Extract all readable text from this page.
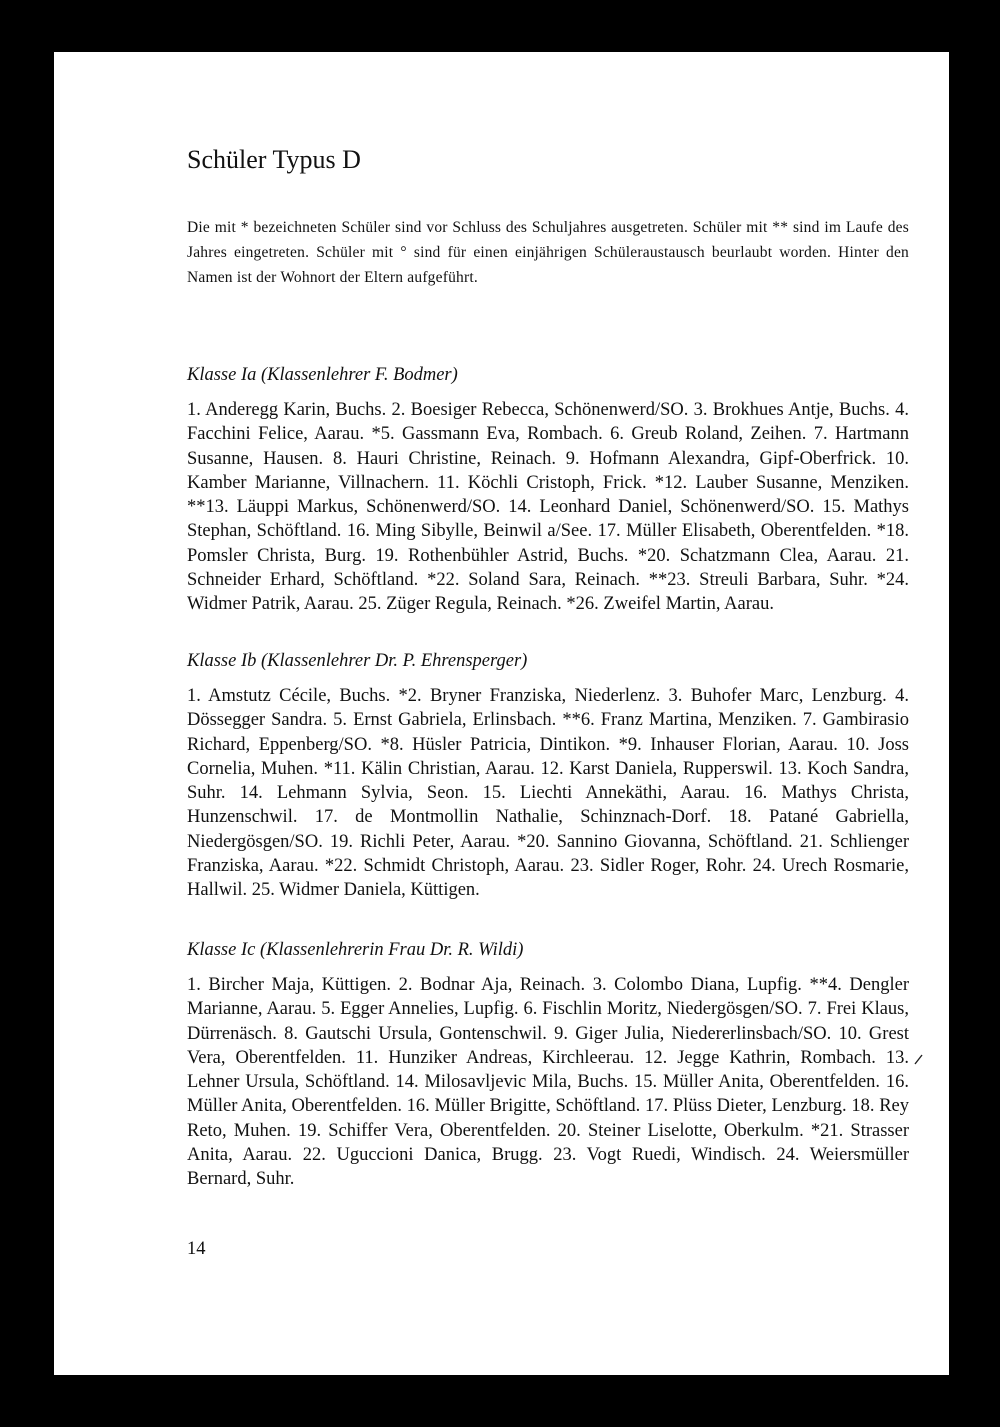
Schüler Typus D

Die mit * bezeichneten Schüler sind vor Schluss des Schuljahres ausgetreten. Schüler mit ** sind im Laufe des Jahres eingetreten. Schüler mit ° sind für einen einjährigen Schüleraustausch beurlaubt worden. Hinter den Namen ist der Wohnort der Eltern aufgeführt.

Klasse Ia (Klassenlehrer F. Bodmer)

1. Anderegg Karin, Buchs. 2. Boesiger Rebecca, Schönenwerd/SO. 3. Brokhues Antje, Buchs. 4. Facchini Felice, Aarau. *5. Gassmann Eva, Rombach. 6. Greub Roland, Zeihen. 7. Hartmann Susanne, Hausen. 8. Hauri Christine, Reinach. 9. Hofmann Alexandra, Gipf-Oberfrick. 10. Kamber Marianne, Villnachern. 11. Köchli Cristoph, Frick. *12. Lauber Susanne, Menziken. **13. Läuppi Markus, Schönenwerd/SO. 14. Leonhard Daniel, Schönenwerd/SO. 15. Mathys Stephan, Schöftland. 16. Ming Sibylle, Beinwil a/See. 17. Müller Elisabeth, Oberentfelden. *18. Pomsler Christa, Burg. 19. Rothenbühler Astrid, Buchs. *20. Schatzmann Clea, Aarau. 21. Schneider Erhard, Schöftland. *22. Soland Sara, Reinach. **23. Streuli Barbara, Suhr. *24. Widmer Patrik, Aarau. 25. Züger Regula, Reinach. *26. Zweifel Martin, Aarau.

Klasse Ib (Klassenlehrer Dr. P. Ehrensperger)

1. Amstutz Cécile, Buchs. *2. Bryner Franziska, Niederlenz. 3. Buhofer Marc, Lenzburg. 4. Dössegger Sandra. 5. Ernst Gabriela, Erlinsbach. **6. Franz Martina, Menziken. 7. Gambirasio Richard, Eppenberg/SO. *8. Hüsler Patricia, Dintikon. *9. Inhauser Florian, Aarau. 10. Joss Cornelia, Muhen. *11. Kälin Christian, Aarau. 12. Karst Daniela, Rupperswil. 13. Koch Sandra, Suhr. 14. Lehmann Sylvia, Seon. 15. Liechti Annekäthi, Aarau. 16. Mathys Christa, Hunzenschwil. 17. de Montmollin Nathalie, Schinznach-Dorf. 18. Patané Gabriella, Niedergösgen/SO. 19. Richli Peter, Aarau. *20. Sannino Giovanna, Schöftland. 21. Schlienger Franziska, Aarau. *22. Schmidt Christoph, Aarau. 23. Sidler Roger, Rohr. 24. Urech Rosmarie, Hallwil. 25. Widmer Daniela, Küttigen.

Klasse Ic (Klassenlehrerin Frau Dr. R. Wildi)

1. Bircher Maja, Küttigen. 2. Bodnar Aja, Reinach. 3. Colombo Diana, Lupfig. **4. Dengler Marianne, Aarau. 5. Egger Annelies, Lupfig. 6. Fischlin Moritz, Niedergösgen/SO. 7. Frei Klaus, Dürrenäsch. 8. Gautschi Ursula, Gontenschwil. 9. Giger Julia, Niedererlinsbach/SO. 10. Grest Vera, Oberentfelden. 11. Hunziker Andreas, Kirchleerau. 12. Jegge Kathrin, Rombach. 13. Lehner Ursula, Schöftland. 14. Milosavljevic Mila, Buchs. 15. Müller Anita, Oberentfelden. 16. Müller Anita, Oberentfelden. 16. Müller Brigitte, Schöftland. 17. Plüss Dieter, Lenzburg. 18. Rey Reto, Muhen. 19. Schiffer Vera, Oberentfelden. 20. Steiner Liselotte, Oberkulm. *21. Strasser Anita, Aarau. 22. Uguccioni Danica, Brugg. 23. Vogt Ruedi, Windisch. 24. Weiersmüller Bernard, Suhr.

14
